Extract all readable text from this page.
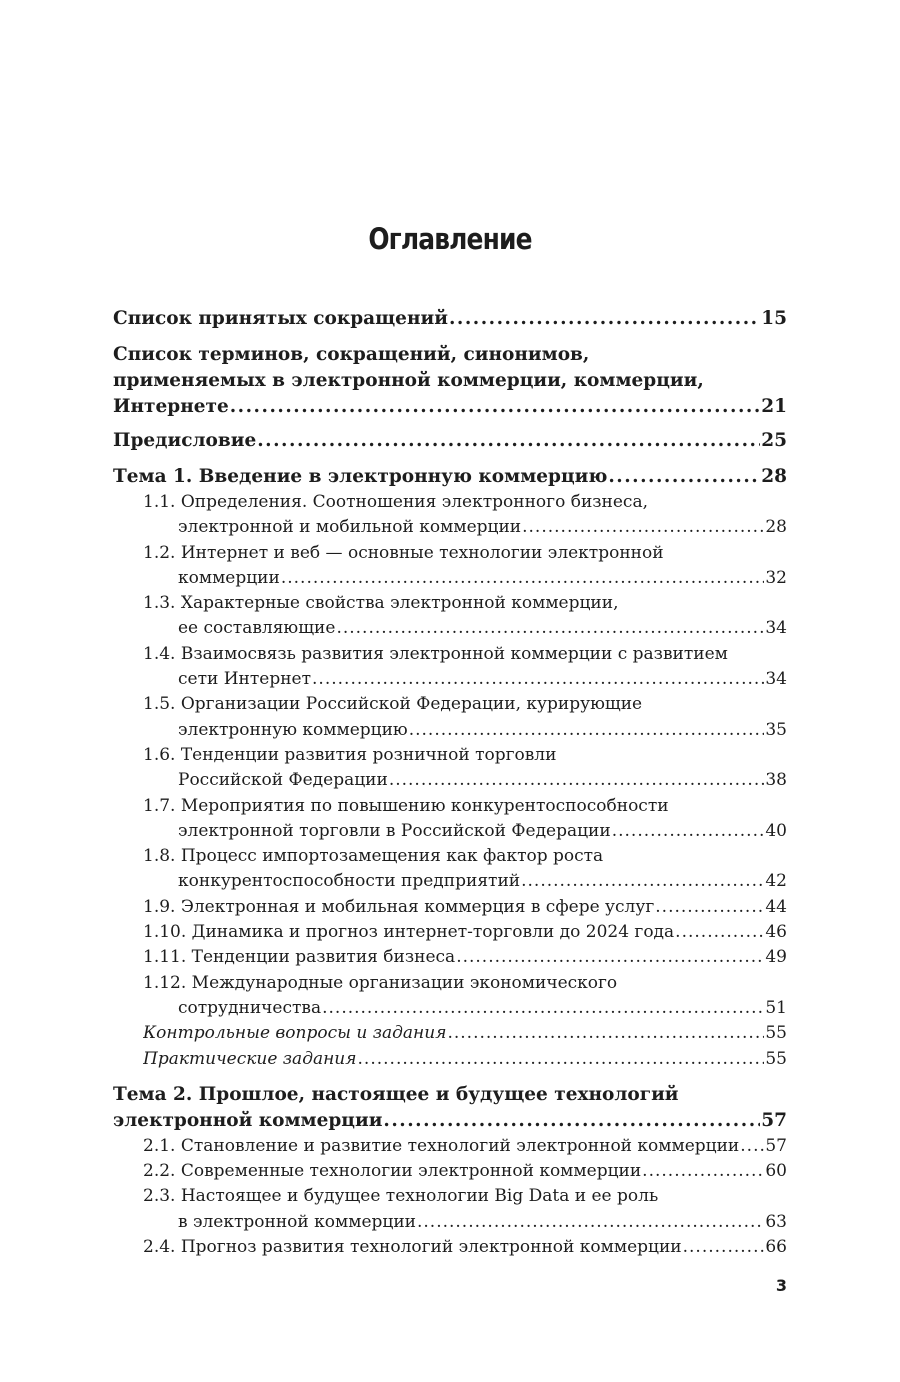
Оглавление
Список принятых сокращений .....	15
Список терминов, сокращений, синонимов,
применяемых в электронной коммерции, коммерции,
Интернете .....	21
Предисловие .....	25
Тема 1. Введение в электронную коммерцию .....	28
1.1. Определения. Соотношения электронного бизнеса,
электронной и мобильной коммерции .....	28
1.2. Интернет и веб — основные технологии электронной
коммерции .....	32
1.3. Характерные свойства электронной коммерции,
ее составляющие .....	34
1.4. Взаимосвязь развития электронной коммерции с развитием
сети Интернет .....	34
1.5. Организации Российской Федерации, курирующие
электронную коммерцию .....	35
1.6. Тенденции развития розничной торговли
Российской Федерации .....	38
1.7. Мероприятия по повышению конкурентоспособности
электронной торговли в Российской Федерации .....	40
1.8. Процесс импортозамещения как фактор роста
конкурентоспособности предприятий .....	42
1.9. Электронная и мобильная коммерция в сфере услуг .....	44
1.10. Динамика и прогноз интернет-торговли до 2024 года .....	46
1.11. Тенденции развития бизнеса .....	49
1.12. Международные организации экономического
сотрудничества .....	51
Контрольные вопросы и задания .....	55
Практические задания .....	55
Тема 2. Прошлое, настоящее и будущее технологий
электронной коммерции .....	57
2.1. Становление и развитие технологий электронной коммерции ..... 57
2.2. Современные технологии электронной коммерции .....	60
2.3. Настоящее и будущее технологии Big Data и ее роль
в электронной коммерции .....	63
2.4. Прогноз развития технологий электронной коммерции .....	66
3
